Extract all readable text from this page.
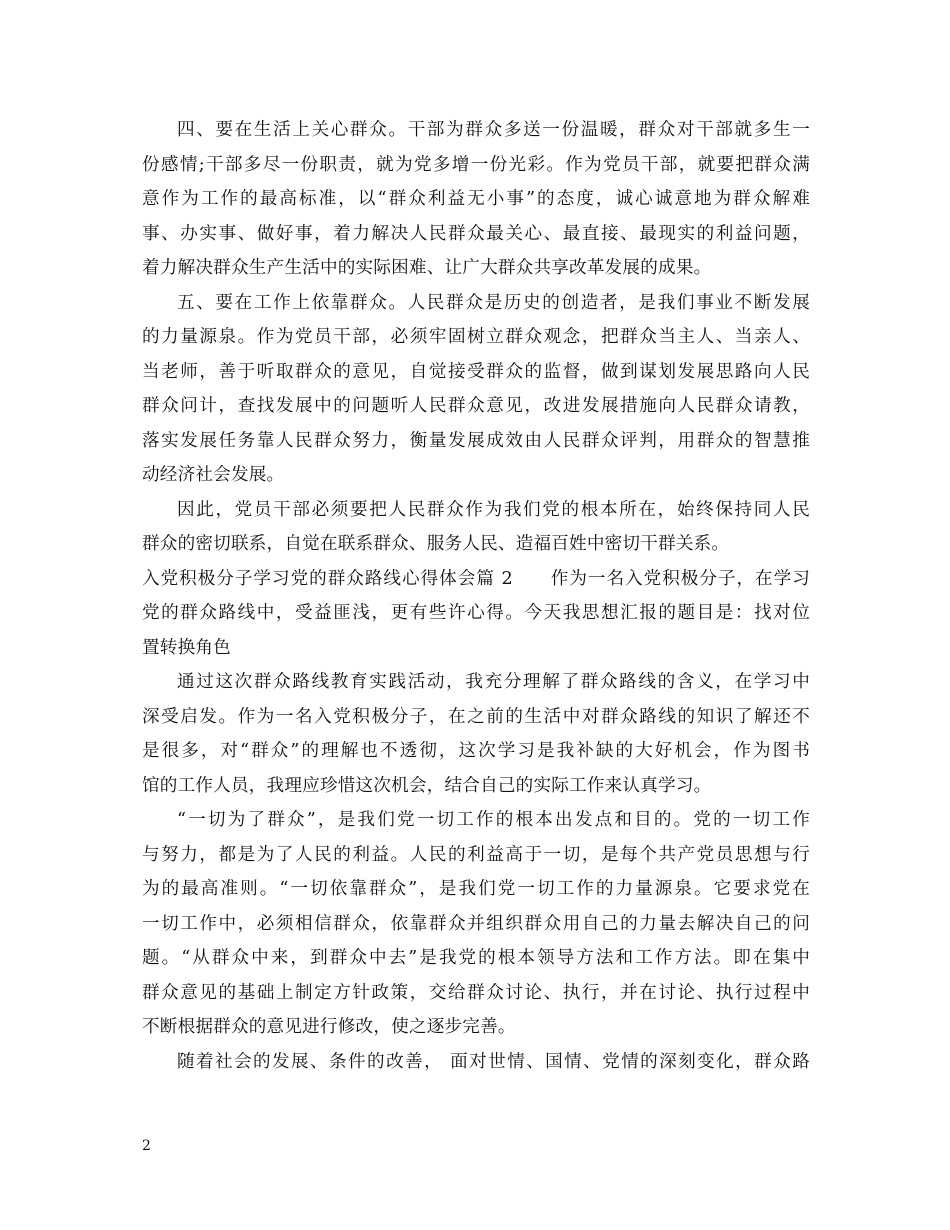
四、要在生活上关心群众。干部为群众多送一份温暖，群众对干部就多生一
份感情;干部多尽一份职责，就为党多增一份光彩。作为党员干部，就要把群众满
意作为工作的最高标准，以“群众利益无小事”的态度，诚心诚意地为群众解难
事、办实事、做好事，着力解决人民群众最关心、最直接、最现实的利益问题，
着力解决群众生产生活中的实际困难、让广大群众共享改革发展的成果。
五、要在工作上依靠群众。人民群众是历史的创造者，是我们事业不断发展
的力量源泉。作为党员干部，必须牢固树立群众观念，把群众当主人、当亲人、
当老师，善于听取群众的意见，自觉接受群众的监督，做到谋划发展思路向人民
群众问计，查找发展中的问题听人民群众意见，改进发展措施向人民群众请教，
落实发展任务靠人民群众努力，衡量发展成效由人民群众评判，用群众的智慧推
动经济社会发展。
因此，党员干部必须要把人民群众作为我们党的根本所在，始终保持同人民
群众的密切联系，自觉在联系群众、服务人民、造福百姓中密切干群关系。
入党积极分子学习党的群众路线心得体会篇 2　　作为一名入党积极分子，在学习
党的群众路线中，受益匪浅，更有些许心得。今天我思想汇报的题目是：找对位
置转换角色
通过这次群众路线教育实践活动，我充分理解了群众路线的含义，在学习中
深受启发。作为一名入党积极分子，在之前的生活中对群众路线的知识了解还不
是很多，对“群众”的理解也不透彻，这次学习是我补缺的大好机会，作为图书
馆的工作人员，我理应珍惜这次机会，结合自己的实际工作来认真学习。
“一切为了群众”，是我们党一切工作的根本出发点和目的。党的一切工作
与努力，都是为了人民的利益。人民的利益高于一切，是每个共产党员思想与行
为的最高准则。“一切依靠群众”，是我们党一切工作的力量源泉。它要求党在
一切工作中，必须相信群众，依靠群众并组织群众用自己的力量去解决自己的问
题。“从群众中来，到群众中去”是我党的根本领导方法和工作方法。即在集中
群众意见的基础上制定方针政策，交给群众讨论、执行，并在讨论、执行过程中
不断根据群众的意见进行修改，使之逐步完善。
随着社会的发展、条件的改善， 面对世情、国情、党情的深刻变化，群众路
2
